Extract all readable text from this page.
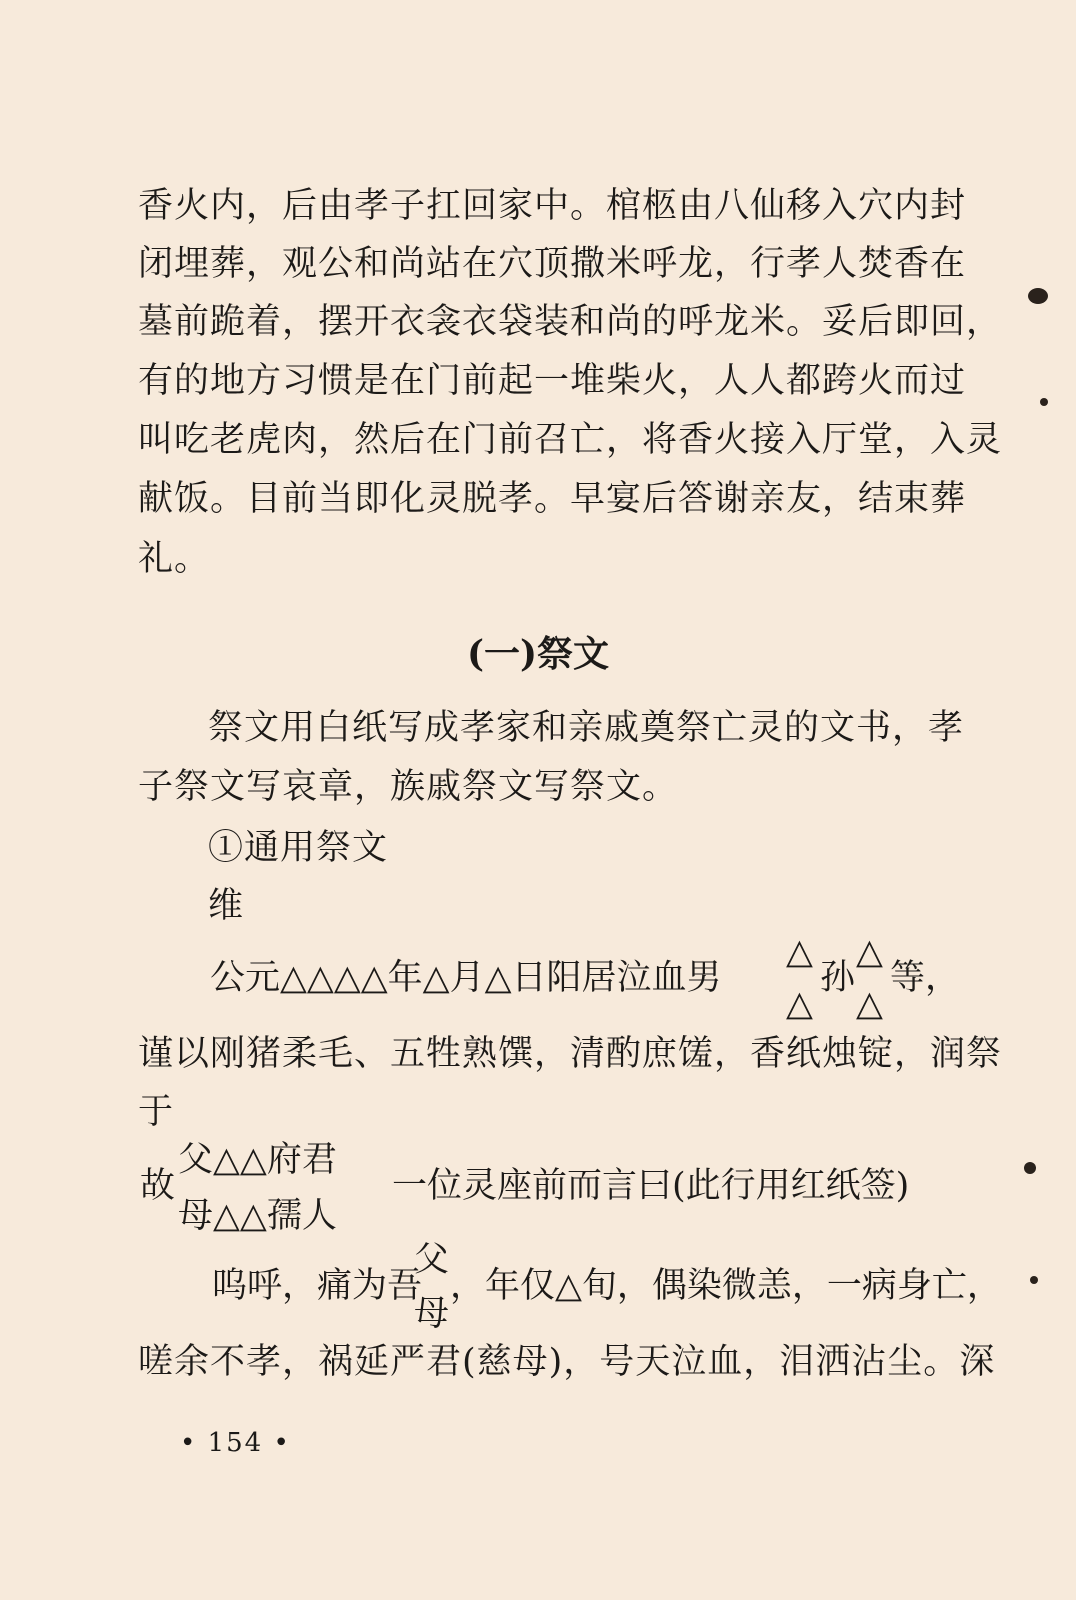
香火内，后由孝子扛回家中。棺柩由八仙移入穴内封
闭埋葬，观公和尚站在穴顶撒米呼龙，行孝人焚香在
墓前跪着，摆开衣衾衣袋装和尚的呼龙米。妥后即回，
有的地方习惯是在门前起一堆柴火，人人都跨火而过
叫吃老虎肉，然后在门前召亡，将香火接入厅堂，入灵
献饭。目前当即化灵脱孝。早宴后答谢亲友，结束葬
礼。
(一)祭文
祭文用白纸写成孝家和亲戚奠祭亡灵的文书，孝
子祭文写哀章，族戚祭文写祭文。
①通用祭文
维
公元△△△△年△月△日阳居泣血男
△
△
孙
△
△
等，
谨以刚猪柔毛、五牲熟馔，清酌庶馐，香纸烛锭，润祭
于
故
父△△府君
母△△孺人
一位灵座前而言曰(此行用红纸签)
呜呼，痛为吾
父
母
，年仅△旬，偶染微恙，一病身亡，
嗟余不孝，祸延严君(慈母)，号天泣血，泪洒沾尘。深
• 154 •
